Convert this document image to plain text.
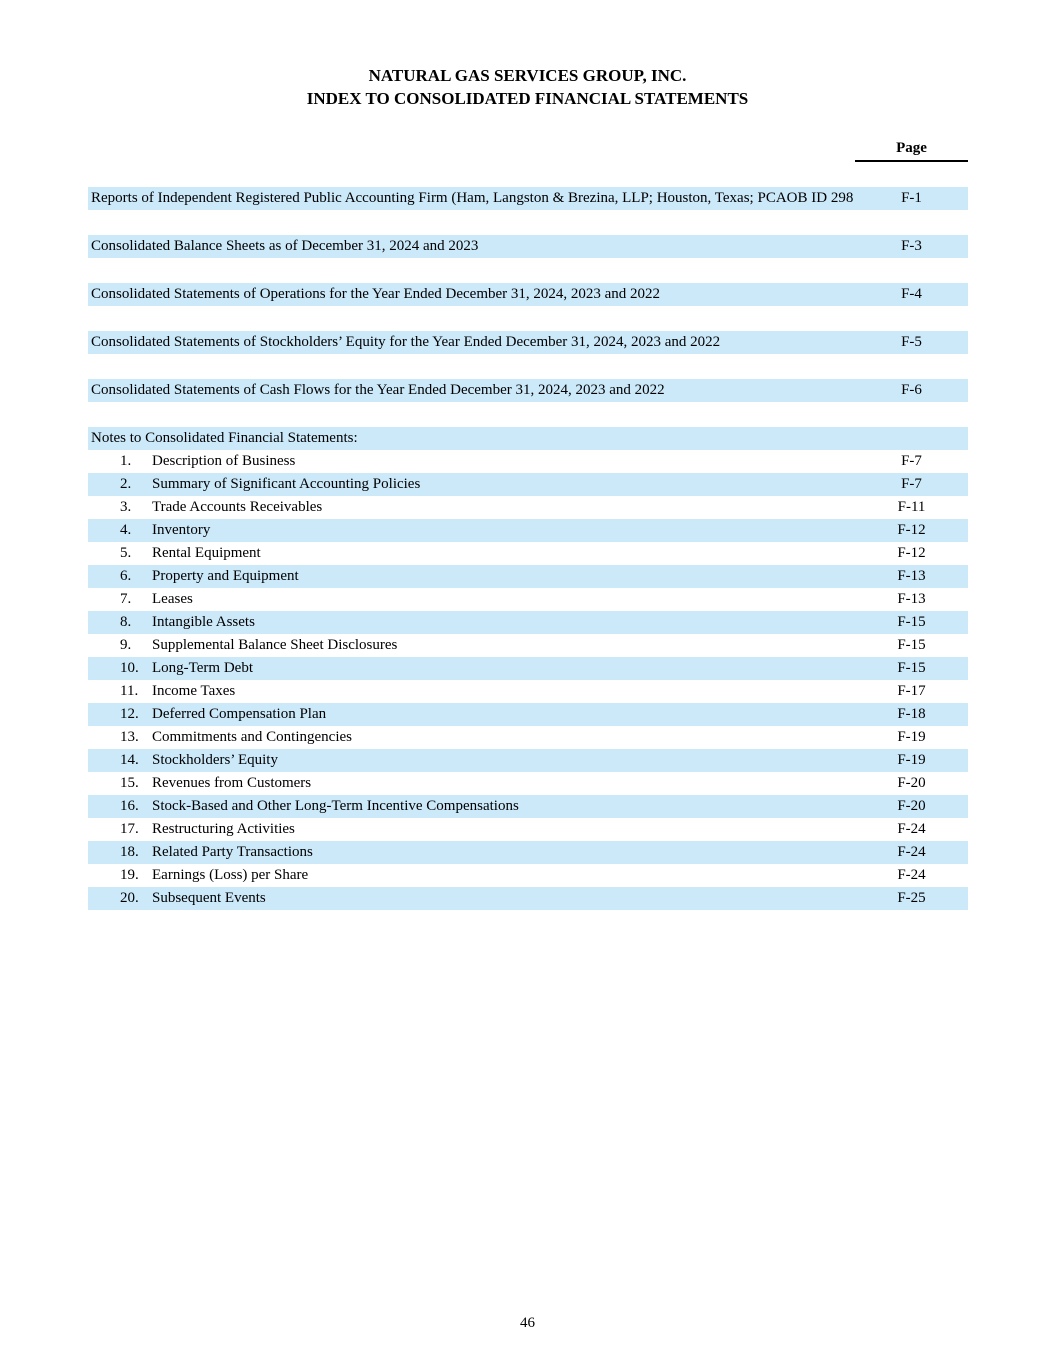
NATURAL GAS SERVICES GROUP, INC.
INDEX TO CONSOLIDATED FINANCIAL STATEMENTS
Page
Reports of Independent Registered Public Accounting Firm (Ham, Langston & Brezina, LLP; Houston, Texas; PCAOB ID 298	F-1
Consolidated Balance Sheets as of December 31, 2024 and 2023	F-3
Consolidated Statements of Operations for the Year Ended December 31, 2024, 2023 and 2022	F-4
Consolidated Statements of Stockholders’ Equity for the Year Ended December 31, 2024, 2023 and 2022	F-5
Consolidated Statements of Cash Flows for the Year Ended December 31, 2024, 2023 and 2022	F-6
Notes to Consolidated Financial Statements:
1.	Description of Business	F-7
2.	Summary of Significant Accounting Policies	F-7
3.	Trade Accounts Receivables	F-11
4.	Inventory	F-12
5.	Rental Equipment	F-12
6.	Property and Equipment	F-13
7.	Leases	F-13
8.	Intangible Assets	F-15
9.	Supplemental Balance Sheet Disclosures	F-15
10. Long-Term Debt	F-15
11. Income Taxes	F-17
12. Deferred Compensation Plan	F-18
13. Commitments and Contingencies	F-19
14. Stockholders’ Equity	F-19
15. Revenues from Customers	F-20
16. Stock-Based and Other Long-Term Incentive Compensations	F-20
17. Restructuring Activities	F-24
18. Related Party Transactions	F-24
19. Earnings (Loss) per Share	F-24
20. Subsequent Events	F-25
46
